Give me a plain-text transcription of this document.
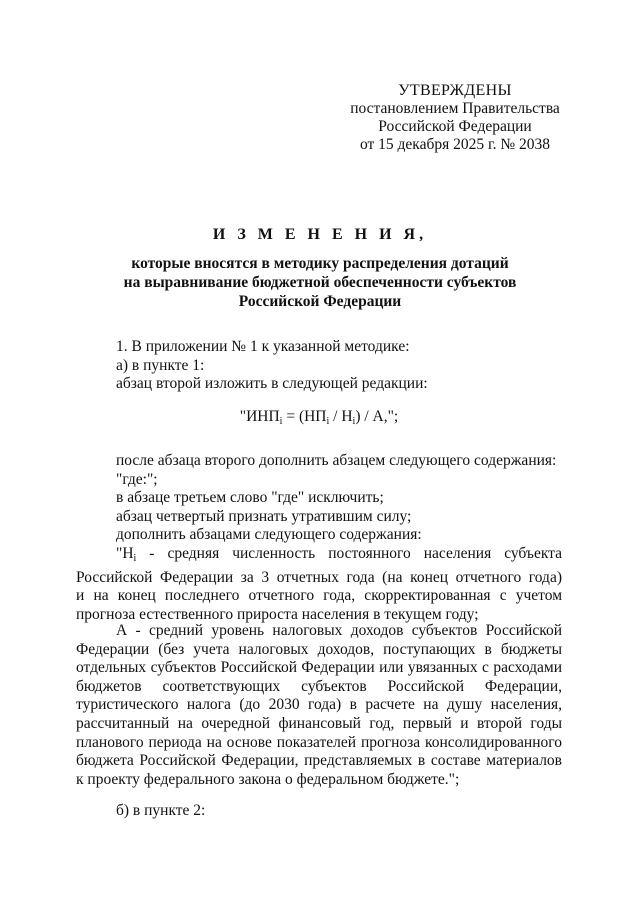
УТВЕРЖДЕНЫ
постановлением Правительства
Российской Федерации
от 15 декабря 2025 г. № 2038
И З М Е Н Е Н И Я,
которые вносятся в методику распределения дотаций
на выравнивание бюджетной обеспеченности субъектов
Российской Федерации
1. В приложении № 1 к указанной методике:
а) в пункте 1:
абзац второй изложить в следующей редакции:
"$ИНП_i = (НП_i / Н_i) / А$,";
после абзаца второго дополнить абзацем следующего содержания:
"где:";
в абзаце третьем слово "где" исключить;
абзац четвертый признать утратившим силу;
дополнить абзацами следующего содержания:
"$Н_i$ - средняя численность постоянного населения субъекта
Российской Федерации за 3 отчетных года (на конец отчетного года)
и на конец последнего отчетного года, скорректированная с учетом
прогноза естественного прироста населения в текущем году;
А - средний уровень налоговых доходов субъектов Российской
Федерации (без учета налоговых доходов, поступающих в бюджеты
отдельных субъектов Российской Федерации или увязанных с расходами
бюджетов соответствующих субъектов Российской Федерации,
туристического налога (до 2030 года) в расчете на душу населения,
рассчитанный на очередной финансовый год, первый и второй годы
планового периода на основе показателей прогноза консолидированного
бюджета Российской Федерации, представляемых в составе материалов
к проекту федерального закона о федеральном бюджете.";
б) в пункте 2:
